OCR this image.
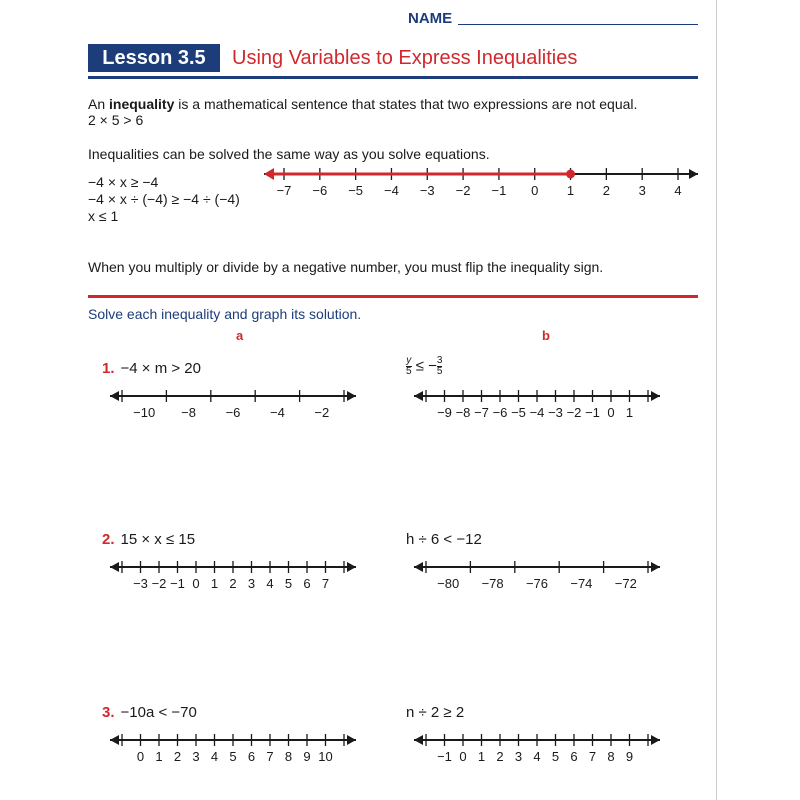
NAME
Lesson 3.5	Using Variables to Express Inequalities
An inequality is a mathematical sentence that states that two expressions are not equal.
2 × 5 > 6
Inequalities can be solved the same way as you solve equations.
−4 × x ≥ −4
−4 × x ÷ (−4) ≥ −4 ÷ (−4)
x ≤ 1
−7 −6 −5 −4 −3 −2 −1 0 1 2 3 4
When you multiply or divide by a negative number, you must flip the inequality sign.
Solve each inequality and graph its solution.
a	b
1. −4 × m > 20	$\frac{y}{5}$ ≤ − $\frac{3}{5}$
−10 −8 −6 −4 −2	−9 −8 −7 −6 −5 −4 −3 −2 −1 0 1
2. 15 × x ≤ 15	h ÷ 6 < −12
−3 −2 −1 0 1 2 3 4 5 6 7	−80 −78 −76 −74 −72
3. −10a < −70	n ÷ 2 ≥ 2
0 1 2 3 4 5 6 7 8 9 10	−1 0 1 2 3 4 5 6 7 8 9
